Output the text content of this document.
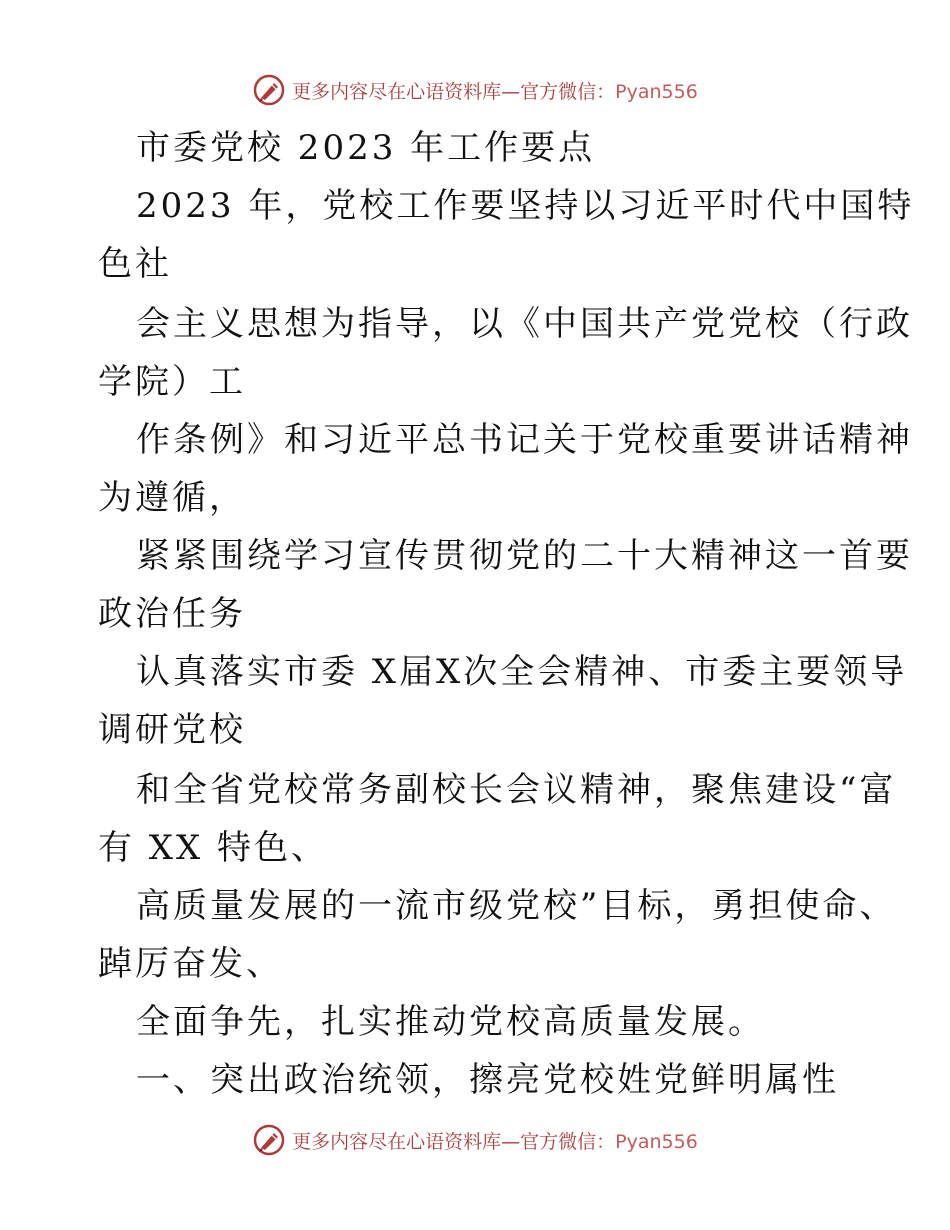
更多内容尽在心语资料库—官方微信：Pyan556
市委党校 2023 年工作要点
2023 年，党校工作要坚持以习近平时代中国特
色社
会主义思想为指导，以《中国共产党党校（行政
学院）工
作条例》和习近平总书记关于党校重要讲话精神
为遵循，
紧紧围绕学习宣传贯彻党的二十大精神这一首要
政治任务
认真落实市委 X届X次全会精神、市委主要领导
调研党校
和全省党校常务副校长会议精神，聚焦建设“富
有 XX 特色、
高质量发展的一流市级党校”目标，勇担使命、
踔厉奋发、
全面争先，扎实推动党校高质量发展。
一、突出政治统领，擦亮党校姓党鲜明属性
更多内容尽在心语资料库—官方微信：Pyan556
